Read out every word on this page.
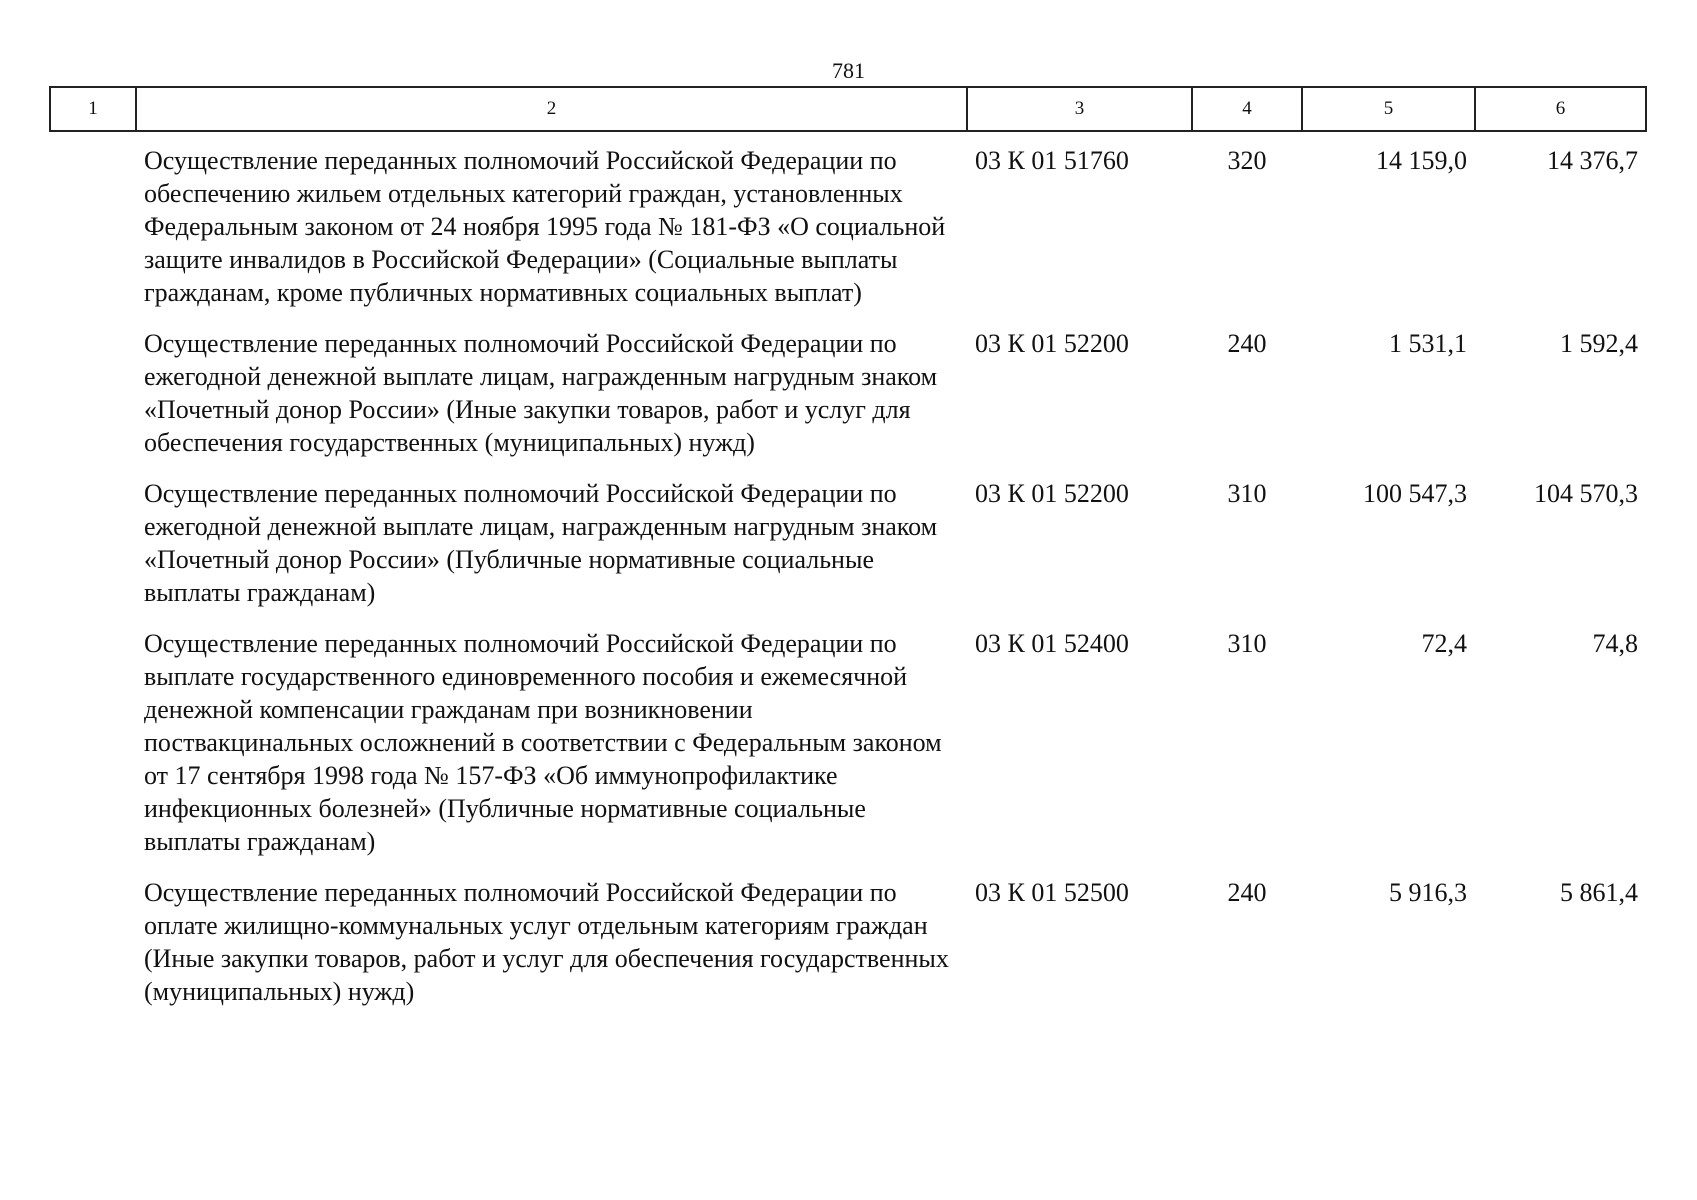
781
1	2	3	4	5	6
	Осуществление переданных полномочий Российской Федерации по обеспечению жильем отдельных категорий граждан, установленных Федеральным законом от 24 ноября 1995 года № 181-ФЗ «О социальной защите инвалидов в Российской Федерации» (Социальные выплаты гражданам, кроме публичных нормативных социальных выплат)	03 К 01 51760	320	14 159,0	14 376,7
	Осуществление переданных полномочий Российской Федерации по ежегодной денежной выплате лицам, награжденным нагрудным знаком «Почетный донор России» (Иные закупки товаров, работ и услуг для обеспечения государственных (муниципальных) нужд)	03 К 01 52200	240	1 531,1	1 592,4
	Осуществление переданных полномочий Российской Федерации по ежегодной денежной выплате лицам, награжденным нагрудным знаком «Почетный донор России» (Публичные нормативные социальные выплаты гражданам)	03 К 01 52200	310	100 547,3	104 570,3
	Осуществление переданных полномочий Российской Федерации по выплате государственного единовременного пособия и ежемесячной денежной компенсации гражданам при возникновении поствакцинальных осложнений в соответствии с Федеральным законом от 17 сентября 1998 года № 157-ФЗ «Об иммунопрофилактике инфекционных болезней» (Публичные нормативные социальные выплаты гражданам)	03 К 01 52400	310	72,4	74,8
	Осуществление переданных полномочий Российской Федерации по оплате жилищно-коммунальных услуг отдельным категориям граждан (Иные закупки товаров, работ и услуг для обеспечения государственных (муниципальных) нужд)	03 К 01 52500	240	5 916,3	5 861,4
